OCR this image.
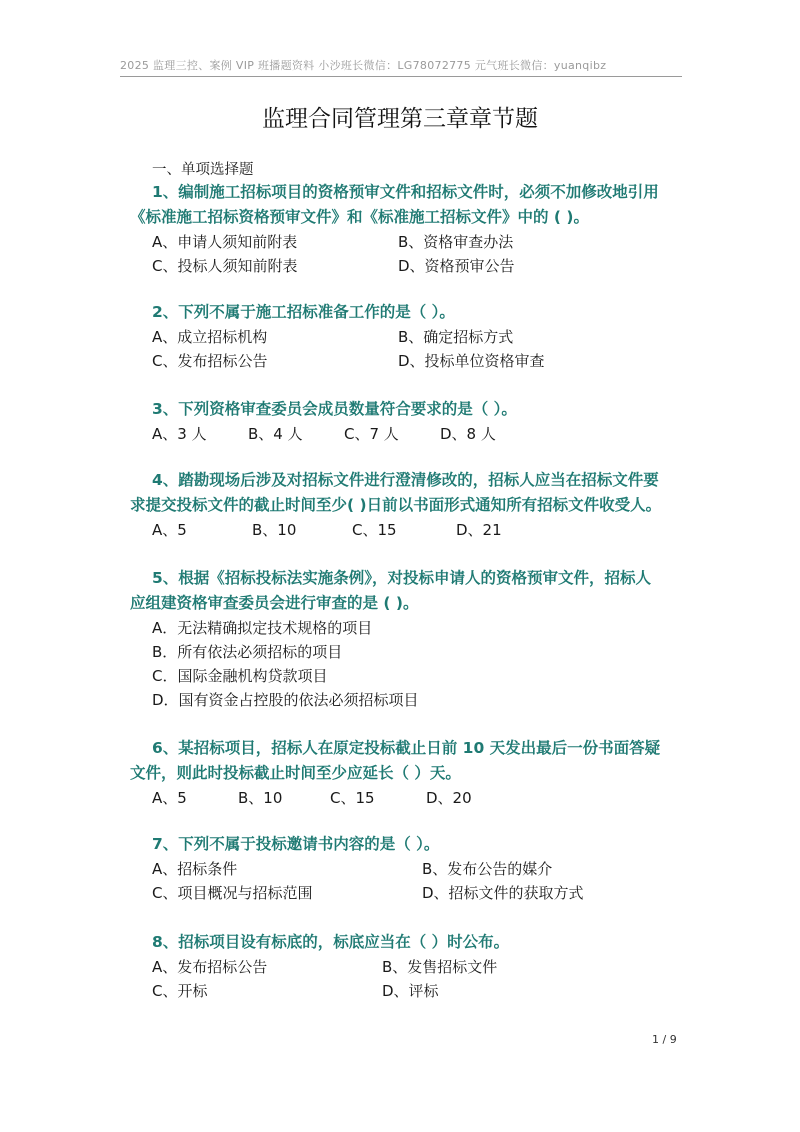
2025 监理三控、案例 VIP 班播题资料 小沙班长微信：LG78072775 元气班长微信：yuanqibz
监理合同管理第三章章节题
一、单项选择题
1、编制施工招标项目的资格预审文件和招标文件时，必须不加修改地引用
《标准施工招标资格预审文件》和《标准施工招标文件》中的 ( )。
A、申请人须知前附表	B、资格审查办法
C、投标人须知前附表	D、资格预审公告
2、下列不属于施工招标准备工作的是（ ）。
A、成立招标机构	B、确定招标方式
C、发布招标公告	D、投标单位资格审查
3、下列资格审查委员会成员数量符合要求的是（ ）。
A、3 人	B、4 人	C、7 人	D、8 人
4、踏勘现场后涉及对招标文件进行澄清修改的，招标人应当在招标文件要
求提交投标文件的截止时间至少( )日前以书面形式通知所有招标文件收受人。
A、5	B、10	C、15	D、21
5、根据《招标投标法实施条例》，对投标申请人的资格预审文件，招标人
应组建资格审查委员会进行审查的是 ( )。
A．无法精确拟定技术规格的项目
B．所有依法必须招标的项目
C．国际金融机构贷款项目
D．国有资金占控股的依法必须招标项目
6、某招标项目，招标人在原定投标截止日前 10 天发出最后一份书面答疑
文件，则此时投标截止时间至少应延长（ ）天。
A、5	B、10	C、15	D、20
7、下列不属于投标邀请书内容的是（ ）。
A、招标条件	B、发布公告的媒介
C、项目概况与招标范围	D、招标文件的获取方式
8、招标项目设有标底的，标底应当在（ ）时公布。
A、发布招标公告	B、发售招标文件
C、开标	D、评标
1 / 9
